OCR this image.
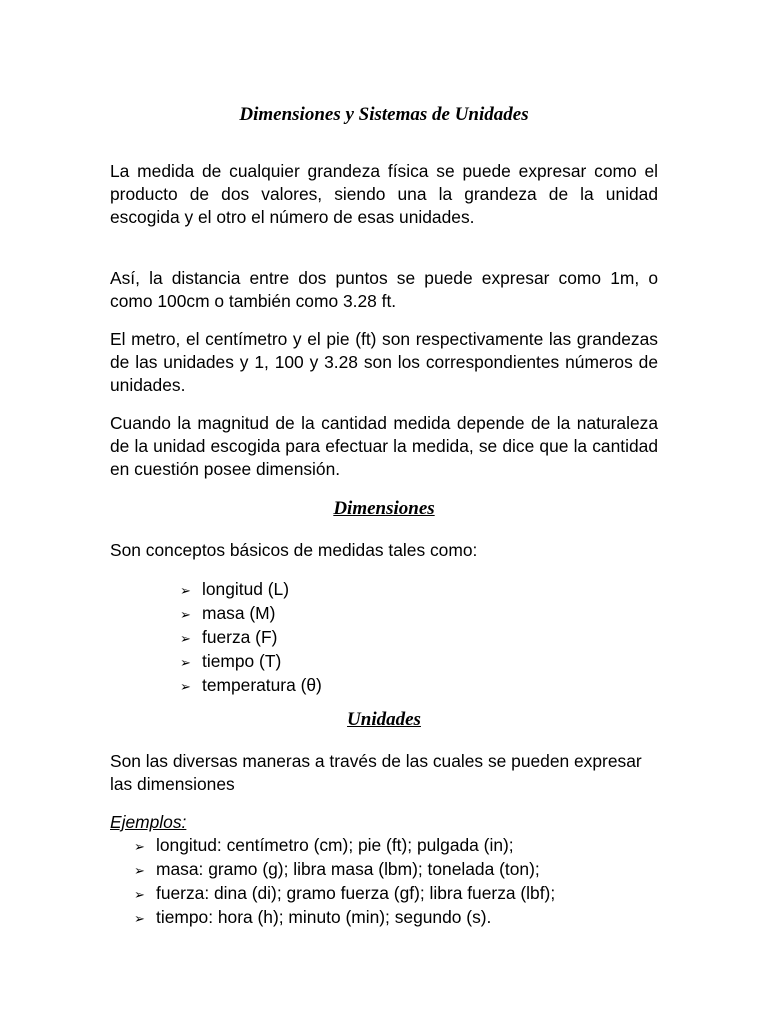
Dimensiones y Sistemas de Unidades

La medida de cualquier grandeza física se puede expresar como el producto de dos valores, siendo una la grandeza de la unidad escogida y el otro el número de esas unidades.

Así, la distancia entre dos puntos se puede expresar como 1m, o como 100cm o también como 3.28 ft.

El metro, el centímetro y el pie (ft) son respectivamente las grandezas de las unidades y 1, 100 y 3.28 son los correspondientes números de unidades.

Cuando la magnitud de la cantidad medida depende de la naturaleza de la unidad escogida para efectuar la medida, se dice que la cantidad en cuestión posee dimensión.

Dimensiones

Son conceptos básicos de medidas tales como:

➢ longitud (L)
➢ masa (M)
➢ fuerza (F)
➢ tiempo (T)
➢ temperatura (θ)
Unidades

Son las diversas maneras a través de las cuales se pueden expresar las dimensiones

Ejemplos:
➢ longitud: centímetro (cm); pie (ft); pulgada (in);
➢ masa: gramo (g); libra masa (lbm); tonelada (ton);
➢ fuerza: dina (di); gramo fuerza (gf); libra fuerza (lbf);
➢ tiempo: hora (h); minuto (min); segundo (s).
